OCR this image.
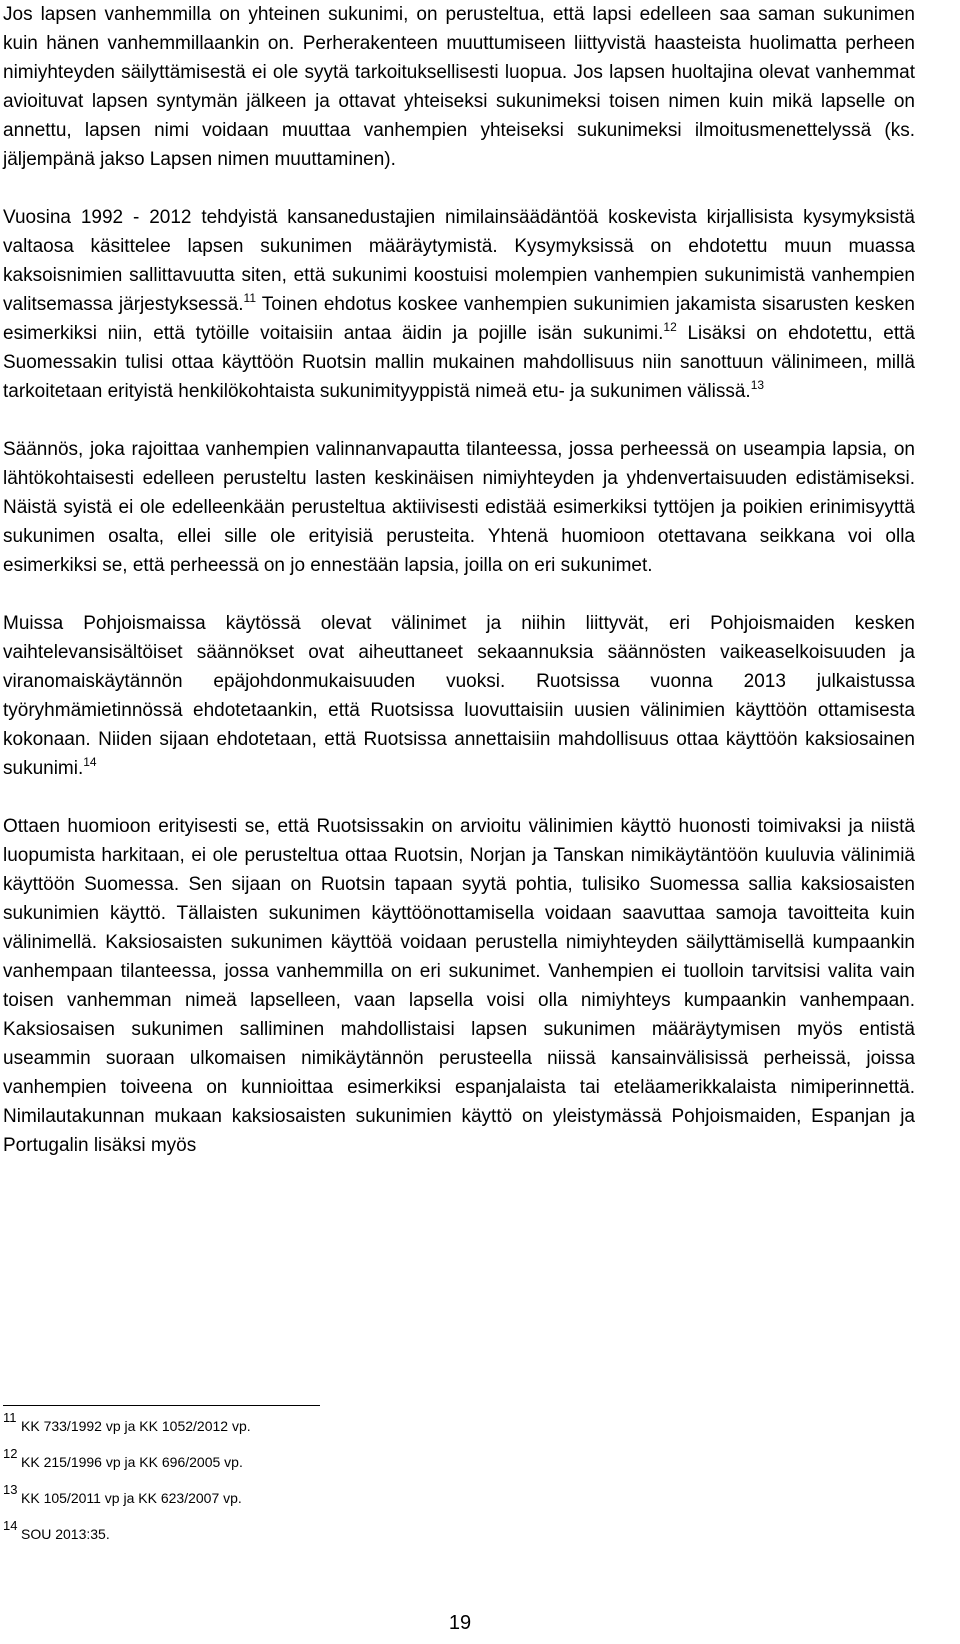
Jos lapsen vanhemmilla on yhteinen sukunimi, on perusteltua, että lapsi edelleen saa saman sukunimen kuin hänen vanhemmillaankin on. Perherakenteen muuttumiseen liittyvistä haasteista huolimatta perheen nimiyhteyden säilyttämisestä ei ole syytä tarkoituksellisesti luopua. Jos lapsen huoltajina olevat vanhemmat avioituvat lapsen syntymän jälkeen ja ottavat yhteiseksi sukunimeksi toisen nimen kuin mikä lapselle on annettu, lapsen nimi voidaan muuttaa vanhempien yhteiseksi sukunimeksi ilmoitusmenettelyssä (ks. jäljempänä jakso Lapsen nimen muuttaminen).

Vuosina 1992 - 2012 tehdyistä kansanedustajien nimilainsäädäntöä koskevista kirjallisista kysymyksistä valtaosa käsittelee lapsen sukunimen määräytymistä. Kysymyksissä on ehdotettu muun muassa kaksoisnimien sallittavuutta siten, että sukunimi koostuisi molempien vanhempien sukunimistä vanhempien valitsemassa järjestyksessä.$^{11}$ Toinen ehdotus koskee vanhempien sukunimien jakamista sisarusten kesken esimerkiksi niin, että tytöille voitaisiin antaa äidin ja pojille isän sukunimi.$^{12}$ Lisäksi on ehdotettu, että Suomessakin tulisi ottaa käyttöön Ruotsin mallin mukainen mahdollisuus niin sanottuun välinimeen, millä tarkoitetaan erityistä henkilökohtaista sukunimityyppistä nimeä etu- ja sukunimen välissä.$^{13}$

Säännös, joka rajoittaa vanhempien valinnanvapautta tilanteessa, jossa perheessä on useampia lapsia, on lähtökohtaisesti edelleen perusteltu lasten keskinäisen nimiyhteyden ja yhdenvertaisuuden edistämiseksi. Näistä syistä ei ole edelleenkään perusteltua aktiivisesti edistää esimerkiksi tyttöjen ja poikien erinimisyyttä sukunimen osalta, ellei sille ole erityisiä perusteita. Yhtenä huomioon otettavana seikkana voi olla esimerkiksi se, että perheessä on jo ennestään lapsia, joilla on eri sukunimet.

Muissa Pohjoismaissa käytössä olevat välinimet ja niihin liittyvät, eri Pohjoismaiden kesken vaihtelevansisältöiset säännökset ovat aiheuttaneet sekaannuksia säännösten vaikeaselkoisuuden ja viranomaiskäytännön epäjohdonmukaisuuden vuoksi. Ruotsissa vuonna 2013 julkaistussa työryhmämietinnössä ehdotetaankin, että Ruotsissa luovuttaisiin uusien välinimien käyttöön ottamisesta kokonaan. Niiden sijaan ehdotetaan, että Ruotsissa annettaisiin mahdollisuus ottaa käyttöön kaksiosainen sukunimi.$^{14}$

Ottaen huomioon erityisesti se, että Ruotsissakin on arvioitu välinimien käyttö huonosti toimivaksi ja niistä luopumista harkitaan, ei ole perusteltua ottaa Ruotsin, Norjan ja Tanskan nimikäytäntöön kuuluvia välinimiä käyttöön Suomessa. Sen sijaan on Ruotsin tapaan syytä pohtia, tulisiko Suomessa sallia kaksiosaisten sukunimien käyttö. Tällaisten sukunimen käyttöönottamisella voidaan saavuttaa samoja tavoitteita kuin välinimellä. Kaksiosaisten sukunimen käyttöä voidaan perustella nimiyhteyden säilyttämisellä kumpaankin vanhempaan tilanteessa, jossa vanhemmilla on eri sukunimet. Vanhempien ei tuolloin tarvitsisi valita vain toisen vanhemman nimeä lapselleen, vaan lapsella voisi olla nimiyhteys kumpaankin vanhempaan. Kaksiosaisen sukunimen salliminen mahdollistaisi lapsen sukunimen määräytymisen myös entistä useammin suoraan ulkomaisen nimikäytännön perusteella niissä kansainvälisissä perheissä, joissa vanhempien toiveena on kunnioittaa esimerkiksi espanjalaista tai eteläamerikkalaista nimiperinnettä. Nimilautakunnan mukaan kaksiosaisten sukunimien käyttö on yleistymässä Pohjoismaiden, Espanjan ja Portugalin lisäksi myös

11KK 733/1992 vp ja KK 1052/2012 vp.
12KK 215/1996 vp ja KK 696/2005 vp.
13KK 105/2011 vp ja KK 623/2007 vp.
14SOU 2013:35.
19
